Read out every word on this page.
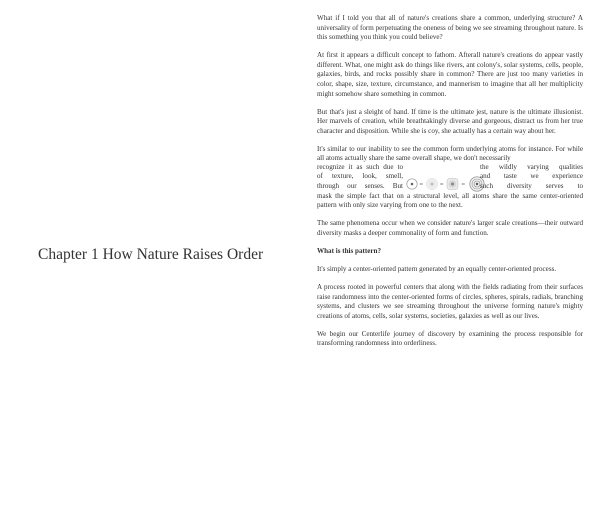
Chapter 1 How Nature Raises Order

What if I told you that all of nature's creations share a common, underlying structure? A universality of form perpetuating the oneness of being we see streaming throughout nature. Is this something you think you could believe?

At first it appears a difficult concept to fathom. Afterall nature's creations do appear vastly different. What, one might ask do things like rivers, ant colony's, solar systems, cells, people, galaxies, birds, and rocks possibly share in common? There are just too many varieties in color, shape, size, texture, circumstance, and mannerism to imagine that all her multiplicity might somehow share something in common.

But that's just a sleight of hand. If time is the ultimate jest, nature is the ultimate illusionist. Her marvels of creation, while breathtakingly diverse and gorgeous, distract us from her true character and disposition. While she is coy, she actually has a certain way about her.

It's similar to our inability to see the common form underlying atoms for instance. For while all atoms actually share the same overall shape, we don't necessarily

recognize it as such due to
of texture, look, smell,
through our senses. But	=	=	=
the wildly varying qualities
and taste we experience
such diversity serves to

mask the simple fact that on a structural level, all atoms share the same center-oriented pattern with only size varying from one to the next.

The same phenomena occur when we consider nature's larger scale creations—their outward diversity masks a deeper commonality of form and function.

What is this pattern?

It's simply a center-oriented pattern generated by an equally center-oriented process.

A process rooted in powerful centers that along with the fields radiating from their surfaces raise randomness into the center-oriented forms of circles, spheres, spirals, radials, branching systems, and clusters we see streaming throughout the universe forming nature's mighty creations of atoms, cells, solar systems, societies, galaxies as well as our lives.

We begin our Centerlife journey of discovery by examining the process responsible for transforming randomness into orderliness.
